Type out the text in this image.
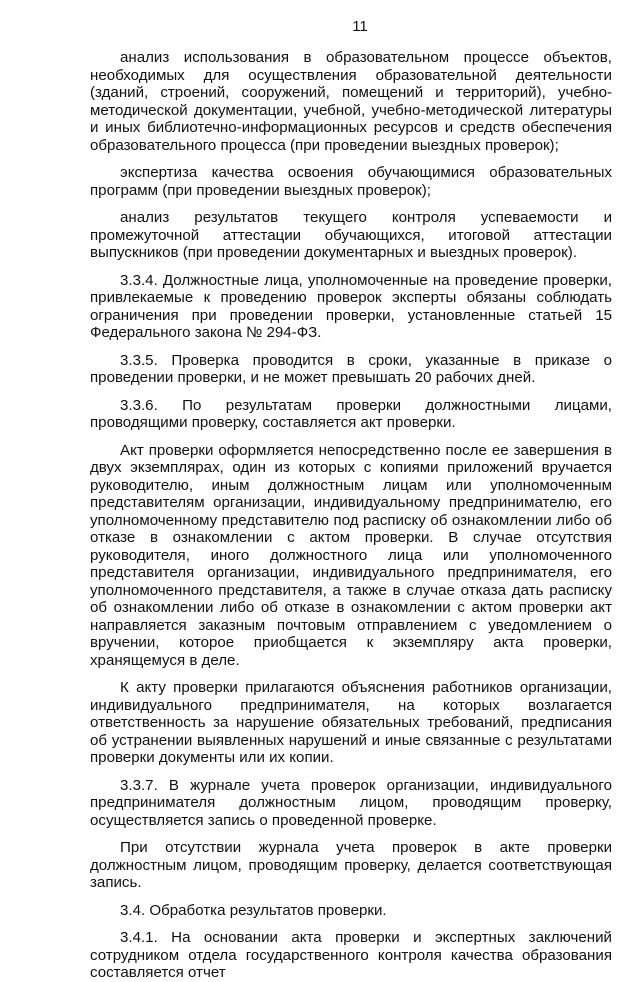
11

анализ использования в образовательном процессе объектов, необходимых для осуществления образовательной деятельности (зданий, строений, сооружений, помещений и территорий), учебно-методической документации, учебной, учебно-методической литературы и иных библиотечно-информационных ресурсов и средств обеспечения образовательного процесса (при проведении выездных проверок);

экспертиза качества освоения обучающимися образовательных программ (при проведении выездных проверок);

анализ результатов текущего контроля успеваемости и промежуточной аттестации обучающихся, итоговой аттестации выпускников (при проведении документарных и выездных проверок).

3.3.4. Должностные лица, уполномоченные на проведение проверки, привлекаемые к проведению проверок эксперты обязаны соблюдать ограничения при проведении проверки, установленные статьей 15 Федерального закона № 294-ФЗ.

3.3.5. Проверка проводится в сроки, указанные в приказе о проведении проверки, и не может превышать 20 рабочих дней.

3.3.6. По результатам проверки должностными лицами, проводящими проверку, составляется акт проверки.

Акт проверки оформляется непосредственно после ее завершения в двух экземплярах, один из которых с копиями приложений вручается руководителю, иным должностным лицам или уполномоченным представителям организации, индивидуальному предпринимателю, его уполномоченному представителю под расписку об ознакомлении либо об отказе в ознакомлении с актом проверки. В случае отсутствия руководителя, иного должностного лица или уполномоченного представителя организации, индивидуального предпринимателя, его уполномоченного представителя, а также в случае отказа дать расписку об ознакомлении либо об отказе в ознакомлении с актом проверки акт направляется заказным почтовым отправлением с уведомлением о вручении, которое приобщается к экземпляру акта проверки, хранящемуся в деле.

К акту проверки прилагаются объяснения работников организации, индивидуального предпринимателя, на которых возлагается ответственность за нарушение обязательных требований, предписания об устранении выявленных нарушений и иные связанные с результатами проверки документы или их копии.

3.3.7. В журнале учета проверок организации, индивидуального предпринимателя должностным лицом, проводящим проверку, осуществляется запись о проведенной проверке.

При отсутствии журнала учета проверок в акте проверки должностным лицом, проводящим проверку, делается соответствующая запись.

3.4. Обработка результатов проверки.

3.4.1. На основании акта проверки и экспертных заключений сотрудником отдела государственного контроля качества образования составляется отчет
